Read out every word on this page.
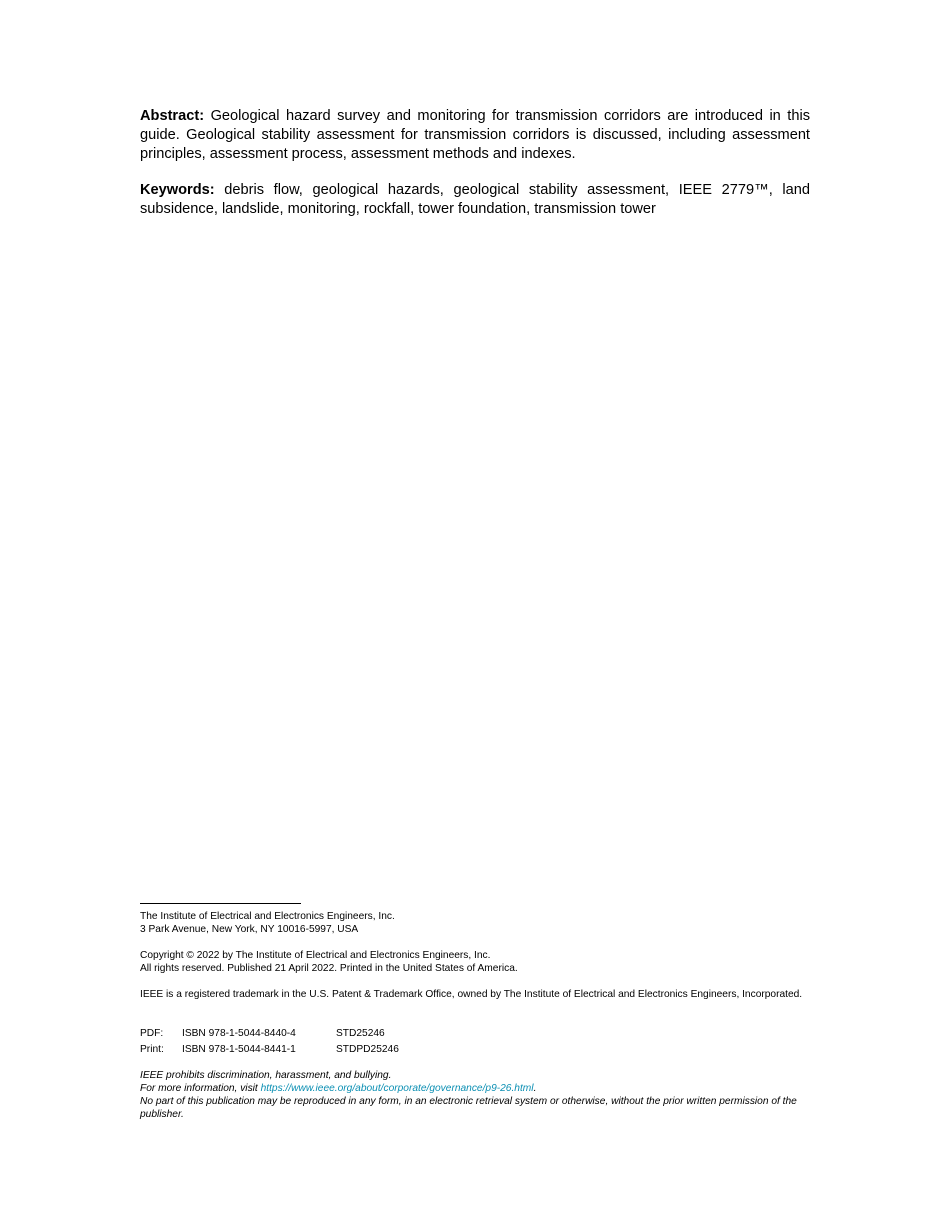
Abstract: Geological hazard survey and monitoring for transmission corridors are introduced in this guide. Geological stability assessment for transmission corridors is discussed, including assessment principles, assessment process, assessment methods and indexes.

Keywords: debris flow, geological hazards, geological stability assessment, IEEE 2779™, land subsidence, landslide, monitoring, rockfall, tower foundation, transmission tower

The Institute of Electrical and Electronics Engineers, Inc.
3 Park Avenue, New York, NY 10016-5997, USA
Copyright © 2022 by The Institute of Electrical and Electronics Engineers, Inc.
All rights reserved. Published 21 April 2022. Printed in the United States of America.
IEEE is a registered trademark in the U.S. Patent & Trademark Office, owned by The Institute of Electrical and Electronics Engineers, Incorporated.
PDF:	ISBN 978-1-5044-8440-4	STD25246
Print:	ISBN 978-1-5044-8441-1	STDPD25246
IEEE prohibits discrimination, harassment, and bullying.
For more information, visit https://www.ieee.org/about/corporate/governance/p9-26.html.
No part of this publication may be reproduced in any form, in an electronic retrieval system or otherwise, without the prior written permission of the publisher.
